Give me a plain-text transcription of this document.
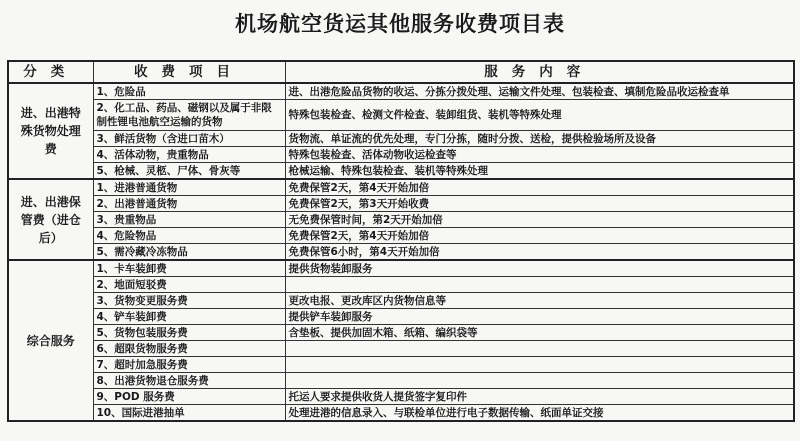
机场航空货运其他服务收费项目表
分类	收费项目	服务内容
进、出港特殊货物处理费	1、危险品	进、出港危险品货物的收运、分拣分拨处理、运输文件处理、包装检查、填制危险品收运检查单
	2、化工品、药品、磁钢以及属于非限制性锂电池航空运输的货物	特殊包装检查、检测文件检查、装卸组货、装机等特殊处理
	3、鲜活货物（含进口苗木）	货物流、单证流的优先处理，专门分拣，随时分拨、送检，提供检验场所及设备
	4、活体动物，贵重物品	特殊包装检查、活体动物收运检查等
	5、枪械、灵柩、尸体、骨灰等	枪械运输、特殊包装检查、装机等特殊处理
进、出港保管费（进仓后）	1、进港普通货物	免费保管2天，第4天开始加倍
	2、出港普通货物	免费保管2天，第3天开始收费
	3、贵重物品	无免费保管时间，第2天开始加倍
	4、危险物品	免费保管2天，第4天开始加倍
	5、需冷藏冷冻物品	免费保管6小时，第4天开始加倍
综合服务	1、卡车装卸费	提供货物装卸服务
	2、地面短驳费	
	3、货物变更服务费	更改电报、更改库区内货物信息等
	4、铲车装卸费	提供铲车装卸服务
	5、货物包装服务费	含垫板、提供加固木箱、纸箱、编织袋等
	6、超限货物服务费	
	7、超时加急服务费	
	8、出港货物退仓服务费	
	9、POD 服务费	托运人要求提供收货人提货签字复印件
	10、国际进港抽单	处理进港的信息录入、与联检单位进行电子数据传输、纸面单证交接
